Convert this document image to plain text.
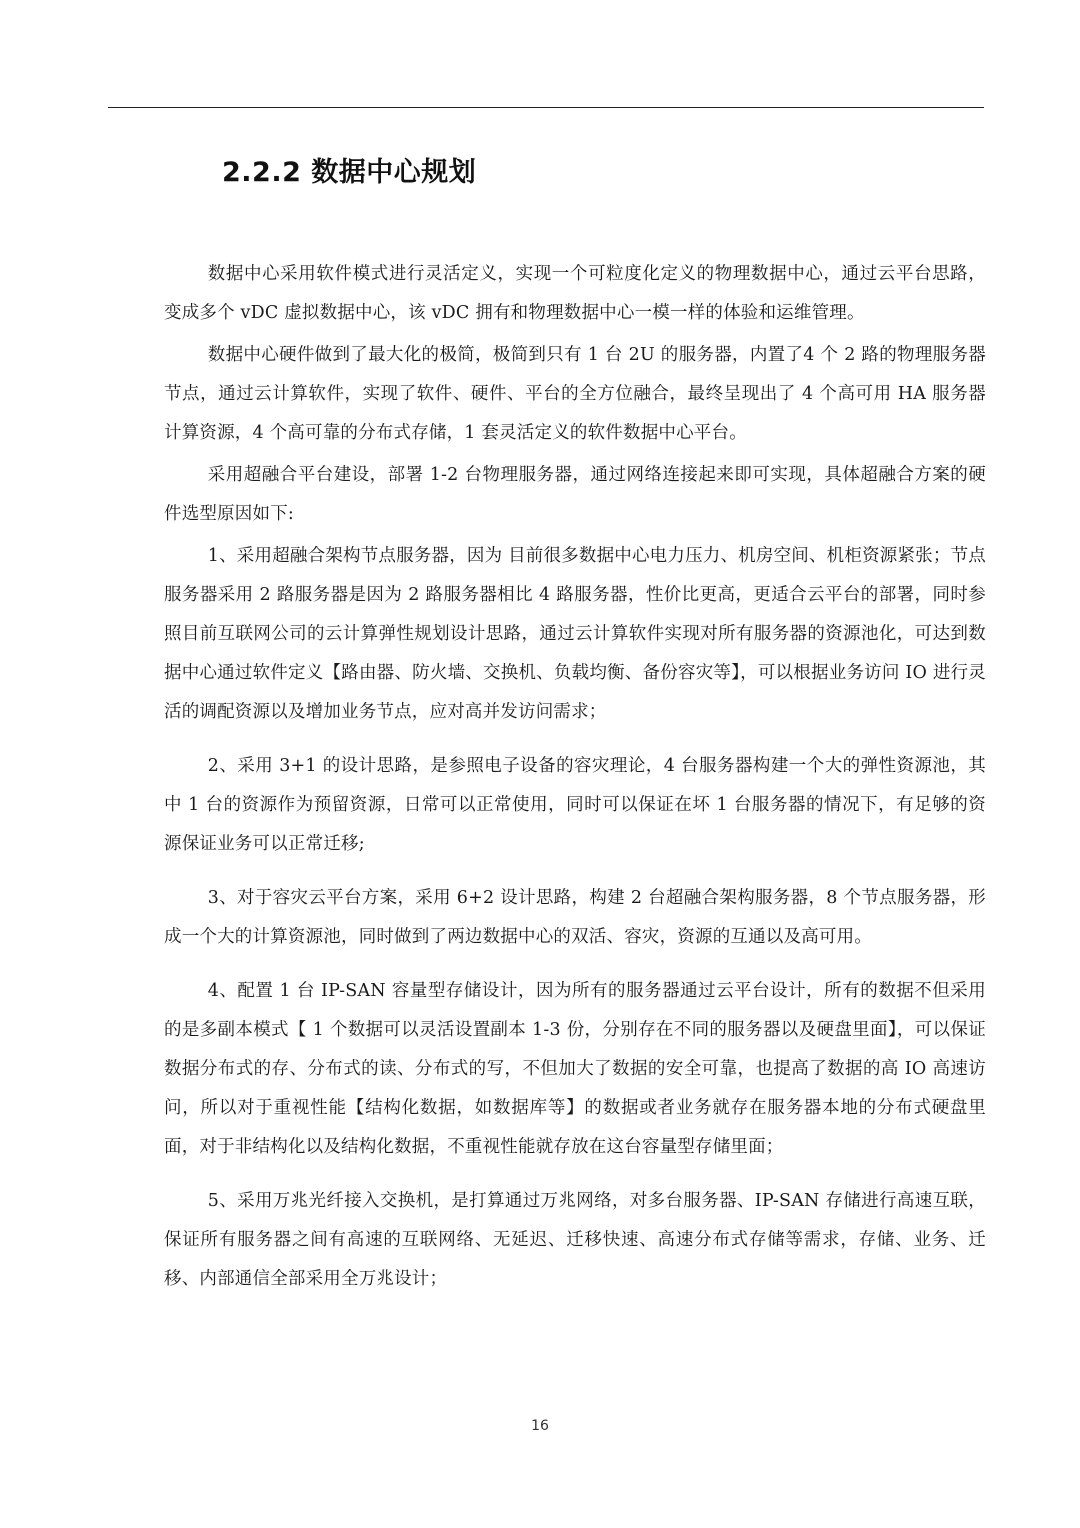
2.2.2 数据中心规划

数据中心采用软件模式进行灵活定义，实现一个可粒度化定义的物理数据中心，通过云平台思路，变成多个 vDC 虚拟数据中心，该 vDC 拥有和物理数据中心一模一样的体验和运维管理。

数据中心硬件做到了最大化的极简，极简到只有 1 台 2U 的服务器，内置了4 个 2 路的物理服务器节点，通过云计算软件，实现了软件、硬件、平台的全方位融合，最终呈现出了 4 个高可用 HA 服务器计算资源，4 个高可靠的分布式存储，1 套灵活定义的软件数据中心平台。

采用超融合平台建设，部署 1-2 台物理服务器，通过网络连接起来即可实现，具体超融合方案的硬件选型原因如下:

1、采用超融合架构节点服务器，因为 目前很多数据中心电力压力、机房空间、机柜资源紧张；节点服务器采用 2 路服务器是因为 2 路服务器相比 4 路服务器，性价比更高，更适合云平台的部署，同时参照目前互联网公司的云计算弹性规划设计思路，通过云计算软件实现对所有服务器的资源池化，可达到数据中心通过软件定义【路由器、防火墙、交换机、负载均衡、备份容灾等】，可以根据业务访问 IO 进行灵活的调配资源以及增加业务节点，应对高并发访问需求；

2、采用 3+1 的设计思路，是参照电子设备的容灾理论，4 台服务器构建一个大的弹性资源池，其中 1 台的资源作为预留资源，日常可以正常使用，同时可以保证在坏 1 台服务器的情况下，有足够的资源保证业务可以正常迁移;

3、对于容灾云平台方案，采用 6+2 设计思路，构建 2 台超融合架构服务器，8 个节点服务器，形成一个大的计算资源池，同时做到了两边数据中心的双活、容灾，资源的互通以及高可用。

4、配置 1 台 IP-SAN 容量型存储设计，因为所有的服务器通过云平台设计，所有的数据不但采用的是多副本模式【 1 个数据可以灵活设置副本 1-3 份，分别存在不同的服务器以及硬盘里面】，可以保证数据分布式的存、分布式的读、分布式的写，不但加大了数据的安全可靠，也提高了数据的高 IO 高速访问，所以对于重视性能【结构化数据，如数据库等】的数据或者业务就存在服务器本地的分布式硬盘里面，对于非结构化以及结构化数据，不重视性能就存放在这台容量型存储里面；

5、采用万兆光纤接入交换机，是打算通过万兆网络，对多台服务器、IP-SAN 存储进行高速互联，保证所有服务器之间有高速的互联网络、无延迟、迁移快速、高速分布式存储等需求，存储、业务、迁移、内部通信全部采用全万兆设计；

16
